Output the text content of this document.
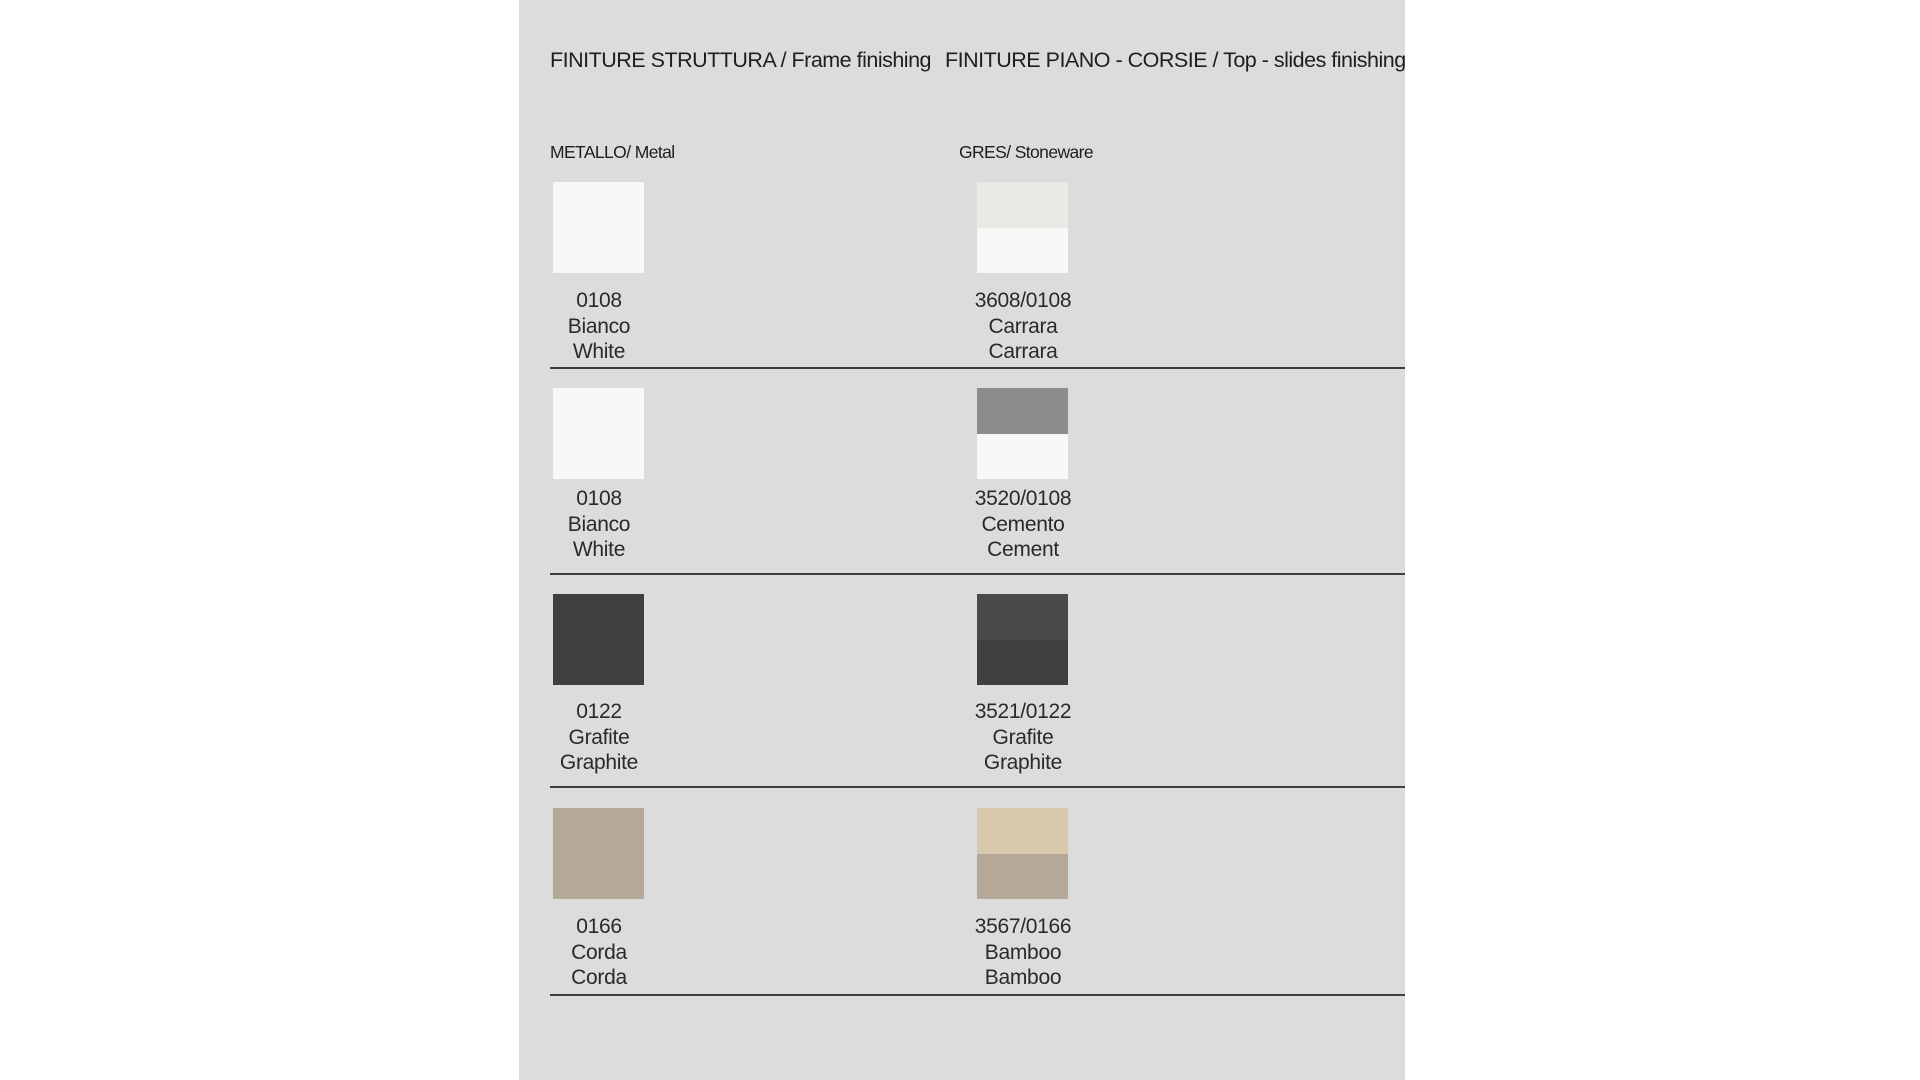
FINITURE STRUTTURA / Frame finishing FINITURE PIANO - CORSIE / Top - slides finishing
METALLO/ Metal	GRES/ Stoneware
0108
Bianco
White
3608/0108
Carrara
Carrara
0108
Bianco
White
3520/0108
Cemento
Cement
0122
Grafite
Graphite
3521/0122
Grafite
Graphite
0166
Corda
Corda
3567/0166
Bamboo
Bamboo
